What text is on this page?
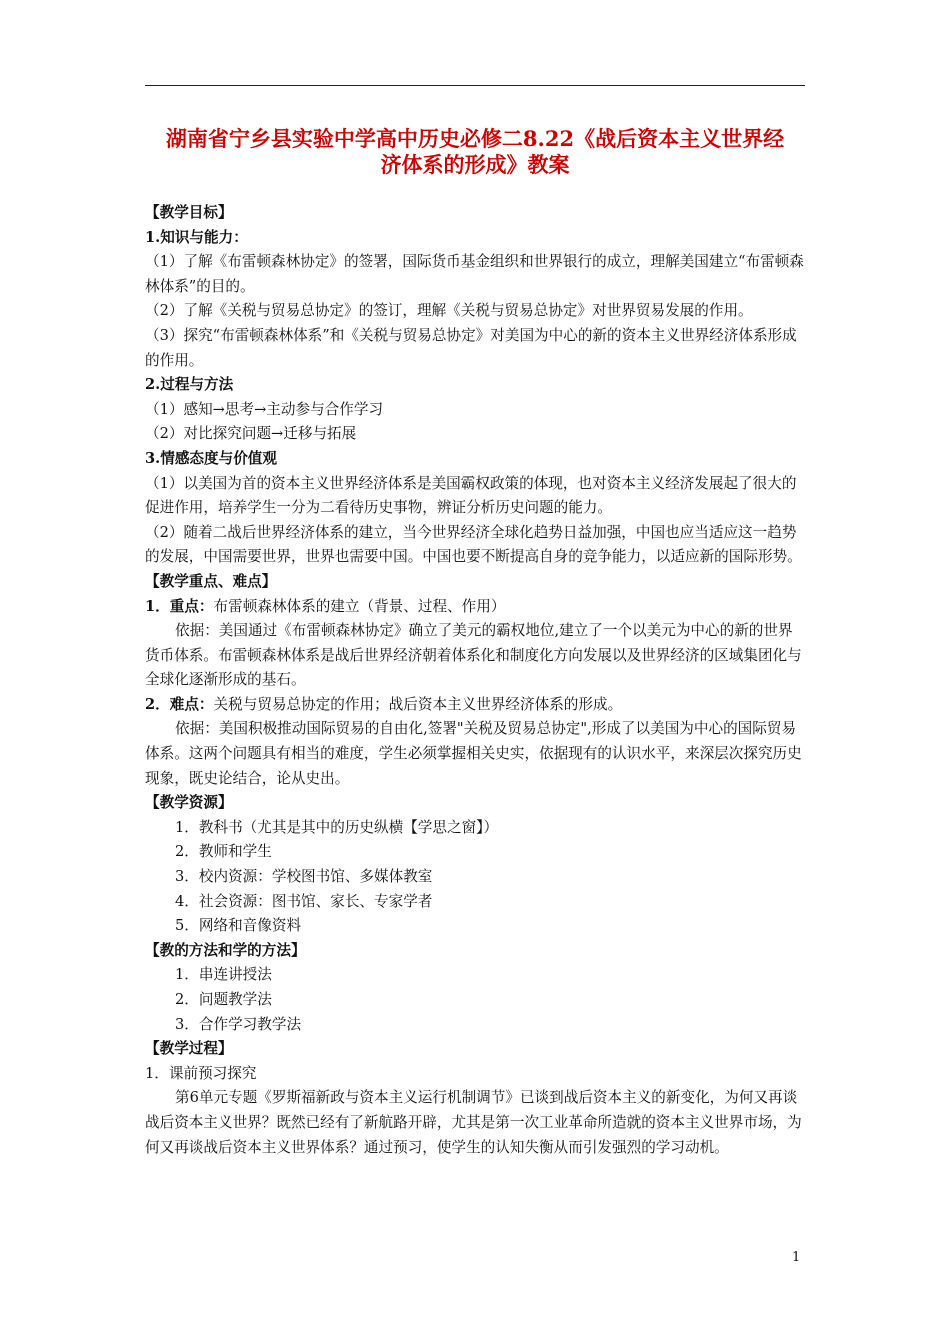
湖南省宁乡县实验中学高中历史必修二8.22《战后资本主义世界经
济体系的形成》教案

【教学目标】

1.知识与能力：

（1）了解《布雷顿森林协定》的签署，国际货币基金组织和世界银行的成立，理解美国建立“布雷顿森林体系”的目的。

（2）了解《关税与贸易总协定》的签订，理解《关税与贸易总协定》对世界贸易发展的作用。

（3）探究“布雷顿森林体系”和《关税与贸易总协定》对美国为中心的新的资本主义世界经济体系形成的作用。

2.过程与方法

（1）感知→思考→主动参与合作学习

（2）对比探究问题→迁移与拓展

3.情感态度与价值观

（1）以美国为首的资本主义世界经济体系是美国霸权政策的体现，也对资本主义经济发展起了很大的促进作用，培养学生一分为二看待历史事物，辨证分析历史问题的能力。

（2）随着二战后世界经济体系的建立，当今世界经济全球化趋势日益加强，中国也应当适应这一趋势的发展，中国需要世界，世界也需要中国。中国也要不断提高自身的竞争能力，以适应新的国际形势。

【教学重点、难点】

1．重点：布雷顿森林体系的建立（背景、过程、作用）

依据：美国通过《布雷顿森林协定》确立了美元的霸权地位,建立了一个以美元为中心的新的世界货币体系。布雷顿森林体系是战后世界经济朝着体系化和制度化方向发展以及世界经济的区域集团化与全球化逐渐形成的基石。

2．难点：关税与贸易总协定的作用；战后资本主义世界经济体系的形成。

依据：美国积极推动国际贸易的自由化,签署"关税及贸易总协定",形成了以美国为中心的国际贸易体系。这两个问题具有相当的难度，学生必须掌握相关史实，依据现有的认识水平，来深层次探究历史现象，既史论结合，论从史出。

【教学资源】

1．教科书（尤其是其中的历史纵横【学思之窗】）

2．教师和学生

3．校内资源：学校图书馆、多媒体教室

4．社会资源：图书馆、家长、专家学者

5．网络和音像资料

【教的方法和学的方法】

1．串连讲授法

2．问题教学法

3．合作学习教学法

【教学过程】

1．课前预习探究

第6单元专题《罗斯福新政与资本主义运行机制调节》已谈到战后资本主义的新变化，为何又再谈战后资本主义世界？既然已经有了新航路开辟，尤其是第一次工业革命所造就的资本主义世界市场，为何又再谈战后资本主义世界体系？通过预习，使学生的认知失衡从而引发强烈的学习动机。

1
